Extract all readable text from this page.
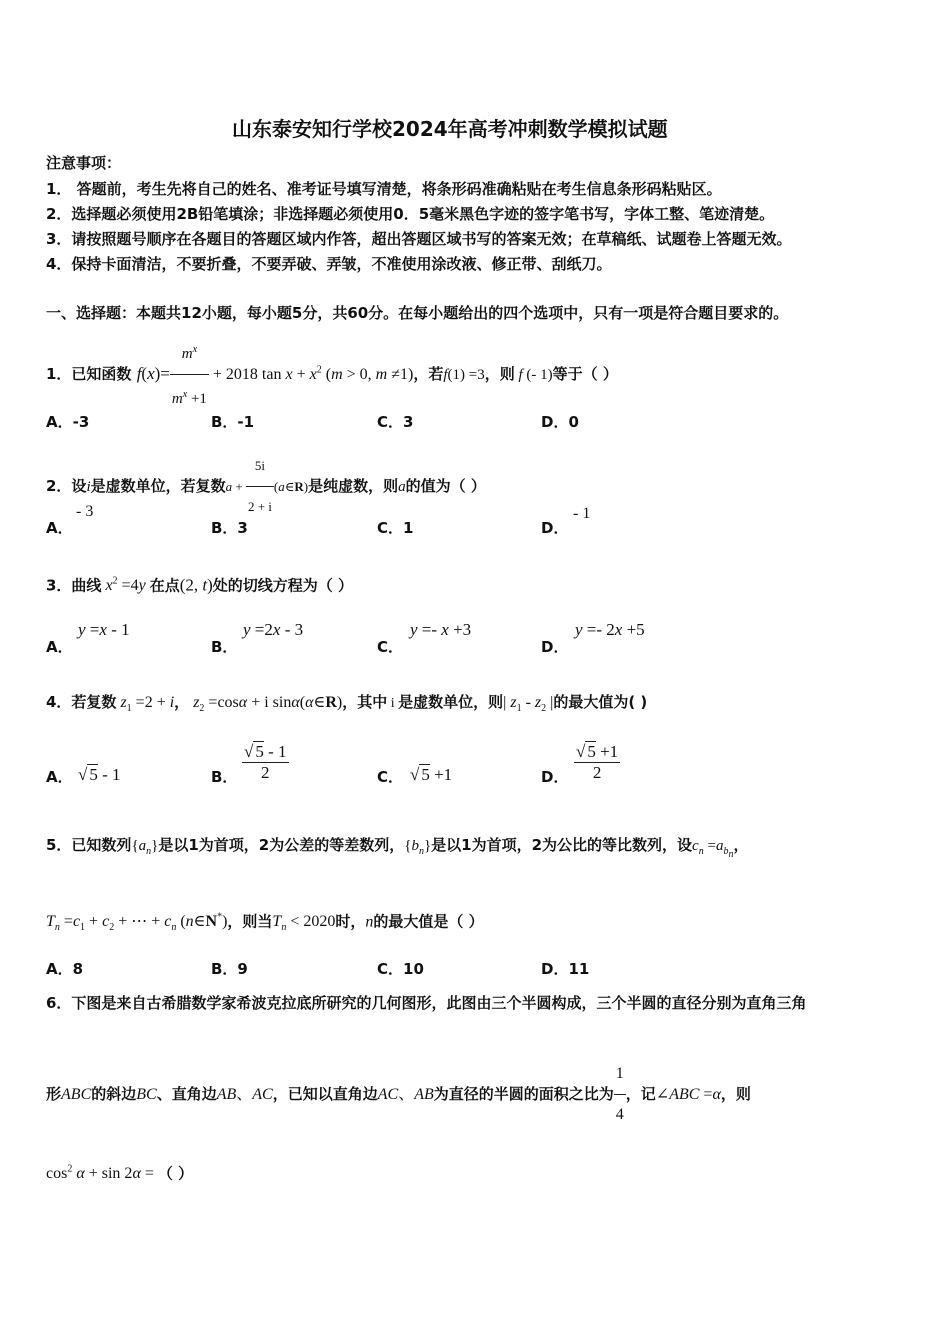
山东泰安知行学校2024年高考冲刺数学模拟试题
注意事项：
1． 答题前，考生先将自己的姓名、准考证号填写清楚，将条形码准确粘贴在考生信息条形码粘贴区。
2．选择题必须使用2B铅笔填涂；非选择题必须使用0．5毫米黑色字迹的签字笔书写，字体工整、笔迹清楚。
3．请按照题号顺序在各题目的答题区域内作答，超出答题区域书写的答案无效；在草稿纸、试题卷上答题无效。
4．保持卡面清洁，不要折叠，不要弄破、弄皱，不准使用涂改液、修正带、刮纸刀。
一、选择题：本题共12小题，每小题5分，共60分。在每小题给出的四个选项中，只有一项是符合题目要求的。
1．已知函数 $f(x)= \frac{m^x}{m^x +1} + 2018$ $\tan x + x^2$ (m > 0, m ≠1)，若f(1) =3，则 f (- 1)等于（ ）
A．-3	B．-1	C．3	D．0
2．设i是虚数单位，若复数$a + \frac{5i}{2 + i}$ (a∈R)是纯虚数，则a的值为（ ）
A．
- 3
B．3	C．1	D．
- 1
3．曲线 $x^2 =4y$ 在点(2, t)处的切线方程为（ ）
A．
y =x - 1
B．
y =2x - 3
C．
y =- x +3
D．
y =- 2x +5
4．若复数 $z_1 =2 + i$， $z_2 =\cos\alpha + i$ sinα(α∈R)，其中 i 是虚数单位，则| $z_1 - z_2$ |的最大值为( )
A． √ 5 - 1	B． $\frac{√ 5 - 1}{2}$	C． √ 5 +1	D． $\frac{√ 5 +1}{2}$
5．已知数列$\{a_n\}$是以1为首项，2为公差的等差数列，$\{b_n\}$是以1为首项，2为公比的等比数列，设$c_n =a_{b_n}$，
$T_n =c_1 + c_2$ + ⋯ + $c_n$ (n∈N*)，则当$T_n < 2020$时，n的最大值是（ ）
A．8	B．9	C．10	D．11
6．下图是来自古希腊数学家希波克拉底所研究的几何图形，此图由三个半圆构成，三个半圆的直径分别为直角三角
形ABC的斜边BC、直角边AB、AC，已知以直角边AC、AB为直径的半圆的面积之比为 $\frac{1}{4}$ ，记∠ABC =α，则
$\cos^2 \alpha + \sin 2\alpha$ = （ ）
